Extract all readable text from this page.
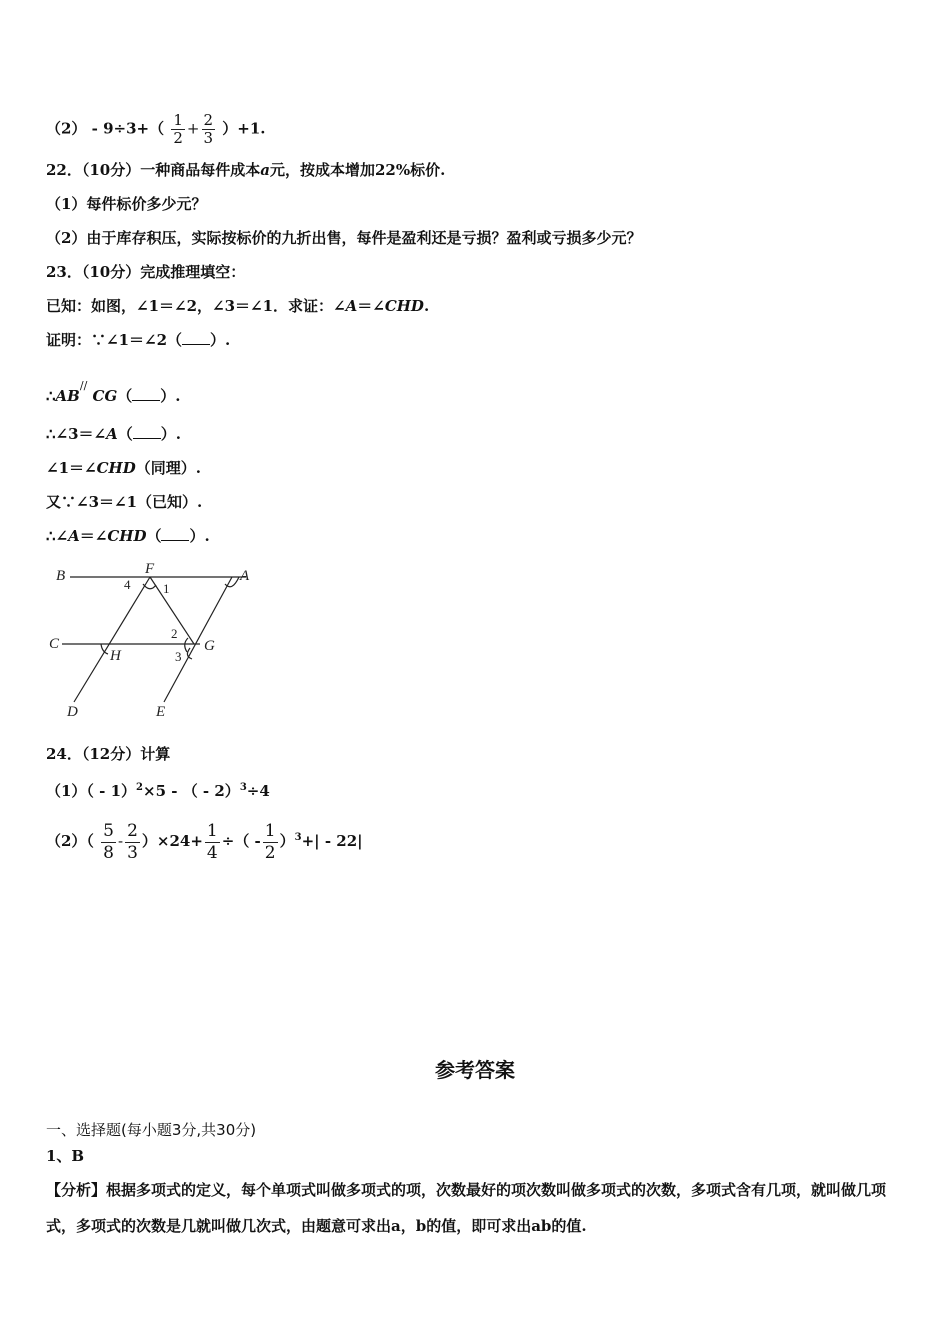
$(2) - 9\div 3+( \frac{1}{2} + \frac{2}{3} )+1$.
22．（10分）一种商品每件成本a元，按成本增加22%标价.
（1）每件标价多少元？
（2）由于库存积压，实际按标价的九折出售，每件是盈利还是亏损？盈利或亏损多少元？
23．（10分）完成推理填空：
已知：如图，∠1＝∠2，∠3＝∠1．求证：∠A＝∠CHD.
证明：∵∠1＝∠2（ ）.
∴AB// CG（ ）.
∴∠3＝∠A（ ）.
∠1＝∠CHD（同理）.
又∵∠3＝∠1（已知）.
∴∠A＝∠CHD（ ）.
B	F	A
C
H
G
D	E
1
2
3
4
24．（12分）计算
（1）（ - 1）$^2$×5 - （ - 2）$^3$÷4
$(2)( \frac{5}{8} - \frac{2}{3} )\times 24+ \frac{1}{4}$ ÷（ - $\frac{1}{2} )^3+| - 22|$
参考答案
一、选择题(每小题3分,共30分)
1、B
【分析】根据多项式的定义，每个单项式叫做多项式的项，次数最好的项次数叫做多项式的次数，多项式含有几项，就叫做几项式，多项式的次数是几就叫做几次式，由题意可求出a，b的值，即可求出ab的值.
